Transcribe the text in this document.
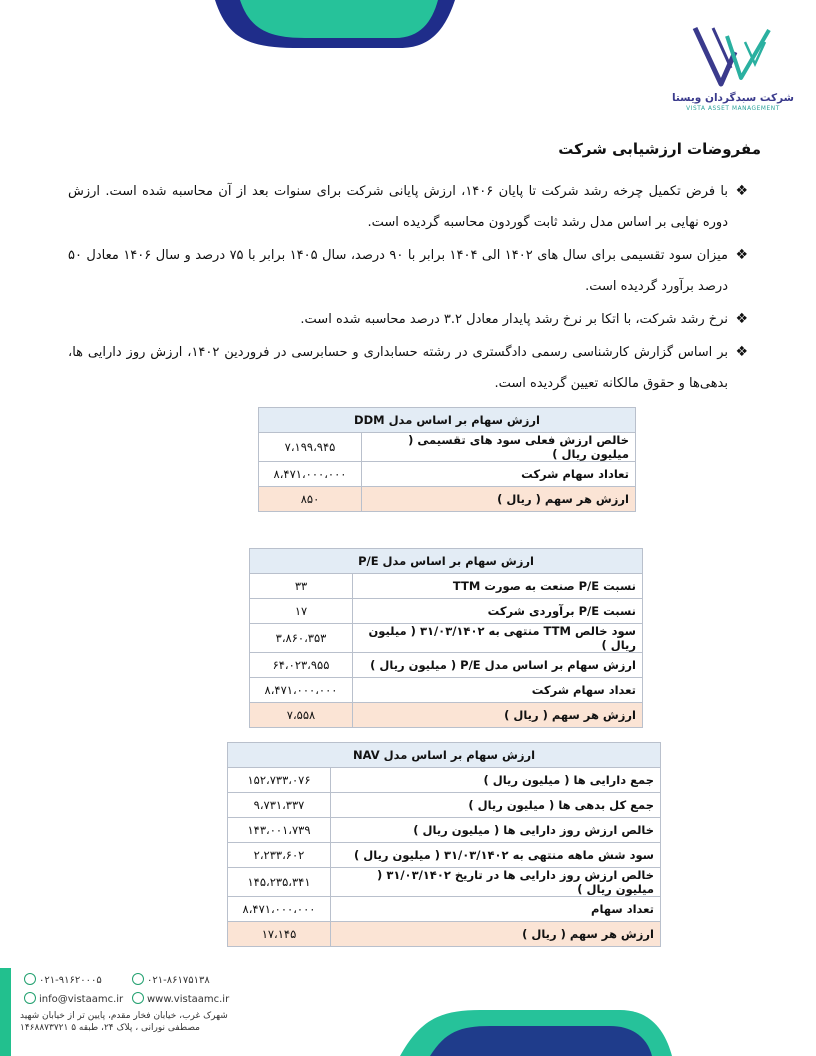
شرکت سبدگردان ویستا
VISTA ASSET MANAGEMENT
مفروضات ارزشیابی شرکت
❖
با فرض تکمیل چرخه رشد شرکت تا پایان ۱۴۰۶، ارزش پایانی شرکت برای سنوات بعد از آن محاسبه شده است. ارزش دوره نهایی بر اساس مدل رشد ثابت گوردون محاسبه گردیده است.
❖
میزان سود تقسیمی برای سال های ۱۴۰۲ الی ۱۴۰۴ برابر با ۹۰ درصد، سال ۱۴۰۵ برابر با ۷۵ درصد و سال ۱۴۰۶ معادل ۵۰ درصد برآورد گردیده است.
❖
نرخ رشد شرکت، با اتکا بر نرخ رشد پایدار معادل ۳.۲ درصد محاسبه شده است.
❖
بر اساس گزارش کارشناسی رسمی دادگستری در رشته حسابداری و حسابرسی در فروردین ۱۴۰۲، ارزش روز دارایی ها، بدهی‌ها و حقوق مالکانه تعیین گردیده است.
ارزش سهام بر اساس مدل DDM	
خالص ارزش فعلی سود های تقسیمی ( میلیون ریال )	۷،۱۹۹،۹۴۵
تعاداد سهام شرکت	۸،۴۷۱،۰۰۰،۰۰۰
ارزش هر سهم ( ریال )	۸۵۰
ارزش سهام بر اساس مدل P/E	
نسبت P/E صنعت به صورت TTM	۳۳
نسبت P/E برآوردی شرکت	۱۷
سود خالص TTM منتهی به ۳۱/۰۳/۱۴۰۲ ( میلیون ریال )	۳،۸۶۰،۳۵۳
ارزش سهام بر اساس مدل P/E ( میلیون ریال )	۶۴،۰۲۳،۹۵۵
تعداد سهام شرکت	۸،۴۷۱،۰۰۰،۰۰۰
ارزش هر سهم ( ریال )	۷،۵۵۸
ارزش سهام بر اساس مدل NAV	
جمع دارایی ها ( میلیون ریال )	۱۵۲،۷۳۳،۰۷۶
جمع کل بدهی ها ( میلیون ریال )	۹،۷۳۱،۳۳۷
خالص ارزش روز دارایی ها ( میلیون ریال )	۱۴۳،۰۰۱،۷۳۹
سود شش ماهه منتهی به ۳۱/۰۳/۱۴۰۲ ( میلیون ریال )	۲،۲۳۳،۶۰۲
خالص ارزش روز دارایی ها در تاریخ ۳۱/۰۳/۱۴۰۲ ( میلیون ریال )	۱۴۵،۲۳۵،۳۴۱
تعداد سهام	۸،۴۷۱،۰۰۰،۰۰۰
ارزش هر سهم ( ریال )	۱۷،۱۴۵
۰۲۱-۹۱۶۲۰۰۰۵	۰۲۱-۸۶۱۷۵۱۳۸
info@vistaamc.ir	www.vistaamc.ir
شهرک غرب، خیابان فخار مقدم، پایین تر از خیابان شهید
مصطفی نورانی ، پلاک ۲۴، طبقه ۵ ۱۴۶۸۸۷۳۷۲۱
